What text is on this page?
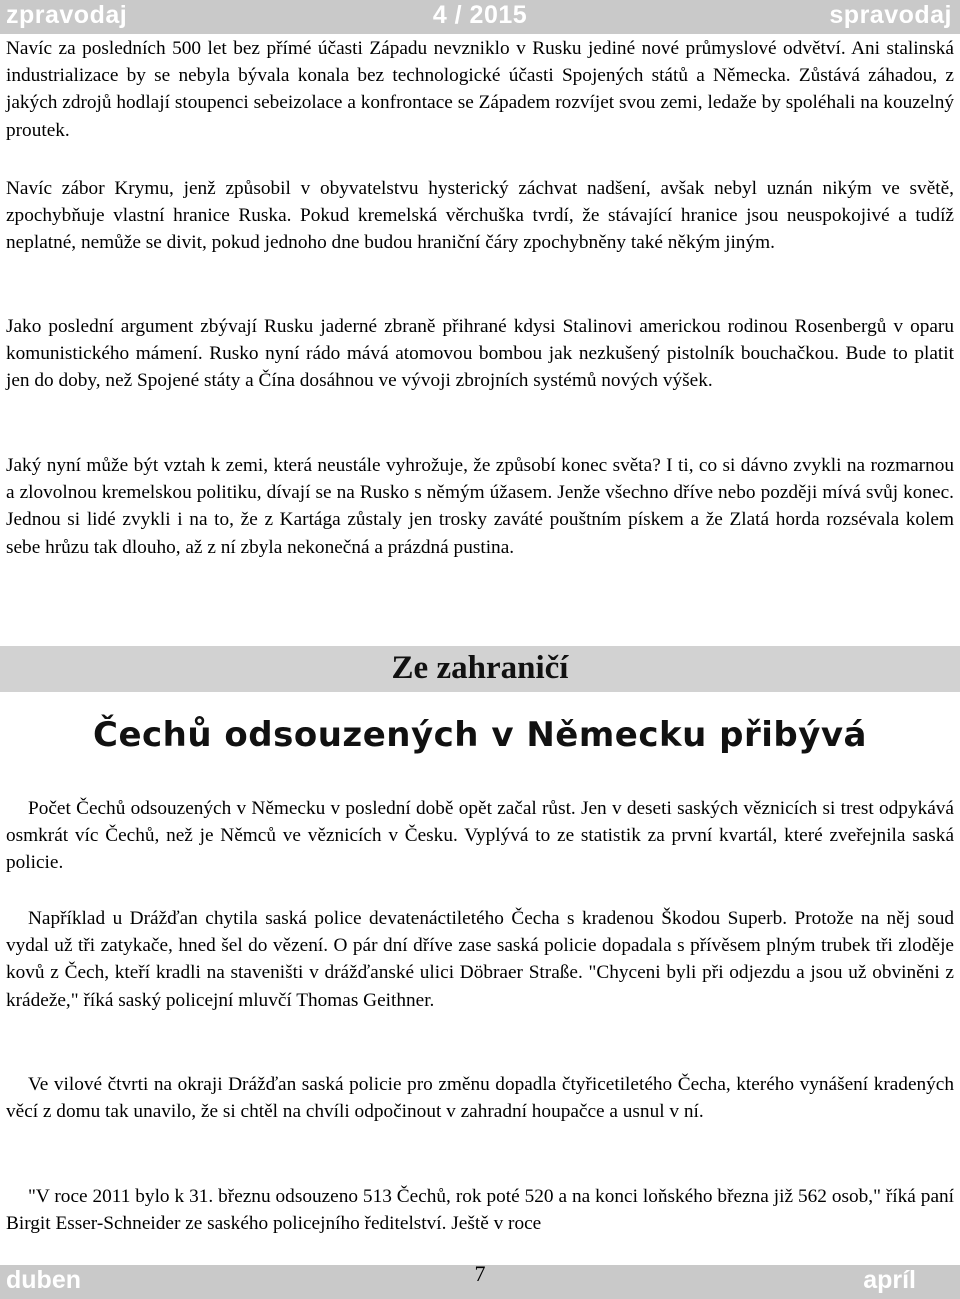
zpravodaj	4 / 2015	spravodaj

Navíc za posledních 500 let bez přímé účasti Západu nevzniklo v Rusku jediné nové průmyslové odvětví. Ani stalinská industrializace by se nebyla bývala konala bez technologické účasti Spojených států a Německa. Zůstává záhadou, z jakých zdrojů hodlají stoupenci sebeizolace a konfrontace se Západem rozvíjet svou zemi, ledaže by spoléhali na kouzelný proutek.

Navíc zábor Krymu, jenž způsobil v obyvatelstvu hysterický záchvat nadšení, avšak nebyl uznán nikým ve světě, zpochybňuje vlastní hranice Ruska. Pokud kremelská věrchuška tvrdí, že stávající hranice jsou neuspokojivé a tudíž neplatné, nemůže se divit, pokud jednoho dne budou hraniční čáry zpochybněny také někým jiným.

Jako poslední argument zbývají Rusku jaderné zbraně přihrané kdysi Stalinovi americkou rodinou Rosenbergů v oparu komunistického mámení. Rusko nyní rádo mává atomovou bombou jak nezkušený pistolník bouchačkou. Bude to platit jen do doby, než Spojené státy a Čína dosáhnou ve vývoji zbrojních systémů nových výšek.

Jaký nyní může být vztah k zemi, která neustále vyhrožuje, že způsobí konec světa? I ti, co si dávno zvykli na rozmarnou a zlovolnou kremelskou politiku, dívají se na Rusko s němým úžasem. Jenže všechno dříve nebo později mívá svůj konec. Jednou si lidé zvykli i na to, že z Kartága zůstaly jen trosky zaváté pouštním pískem a že Zlatá horda rozsévala kolem sebe hrůzu tak dlouho, až z ní zbyla nekonečná a prázdná pustina.

Ze zahraničí
Čechů odsouzených v Německu přibývá

Počet Čechů odsouzených v Německu v poslední době opět začal růst. Jen v deseti saských věznicích si trest odpykává osmkrát víc Čechů, než je Němců ve věznicích v Česku. Vyplývá to ze statistik za první kvartál, které zveřejnila saská policie.

Například u Drážďan chytila saská police devatenáctiletého Čecha s kradenou Škodou Superb. Protože na něj soud vydal už tři zatykače, hned šel do vězení. O pár dní dříve zase saská policie dopadala s přívěsem plným trubek tři zloděje kovů z Čech, kteří kradli na staveništi v drážďanské ulici Döbraer Straße. "Chyceni byli při odjezdu a jsou už obviněni z krádeže," říká saský policejní mluvčí Thomas Geithner.

Ve vilové čtvrti na okraji Drážďan saská policie pro změnu dopadla čtyřicetiletého Čecha, kterého vynášení kradených věcí z domu tak unavilo, že si chtěl na chvíli odpočinout v zahradní houpačce a usnul v ní.

"V roce 2011 bylo k 31. březnu odsouzeno 513 Čechů, rok poté 520 a na konci loňského března již 562 osob," říká paní Birgit Esser-Schneider ze saského policejního ředitelství. Ještě v roce

duben	7	apríl
